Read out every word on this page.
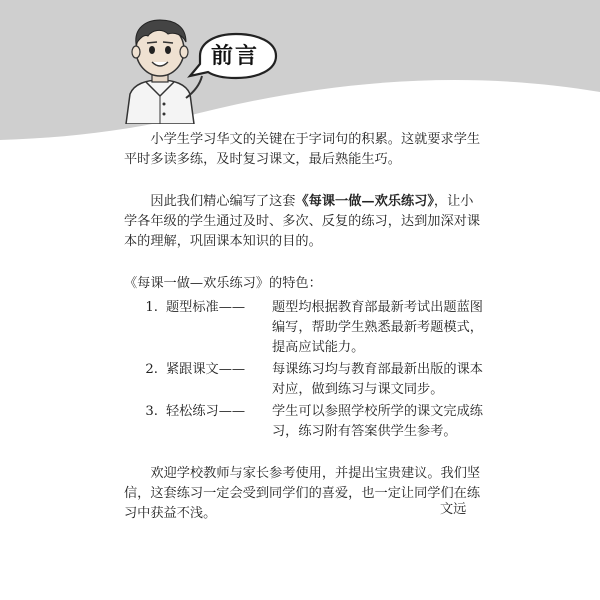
前言

小学生学习华文的关键在于字词句的积累。这就要求学生平时多读多练，及时复习课文，最后熟能生巧。

因此我们精心编写了这套《每课一做—欢乐练习》，让小学各年级的学生通过及时、多次、反复的练习，达到加深对课本的理解，巩固课本知识的目的。

《每课一做—欢乐练习》的特色：
1. 题型标准——	题型均根据教育部最新考试出题蓝图编写，帮助学生熟悉最新考题模式，提高应试能力。
2. 紧跟课文——	每课练习均与教育部最新出版的课本对应，做到练习与课文同步。
3. 轻松练习——	学生可以参照学校所学的课文完成练习，练习附有答案供学生参考。

欢迎学校教师与家长参考使用，并提出宝贵建议。我们坚信，这套练习一定会受到同学们的喜爱，也一定让同学们在练习中获益不浅。	文远
